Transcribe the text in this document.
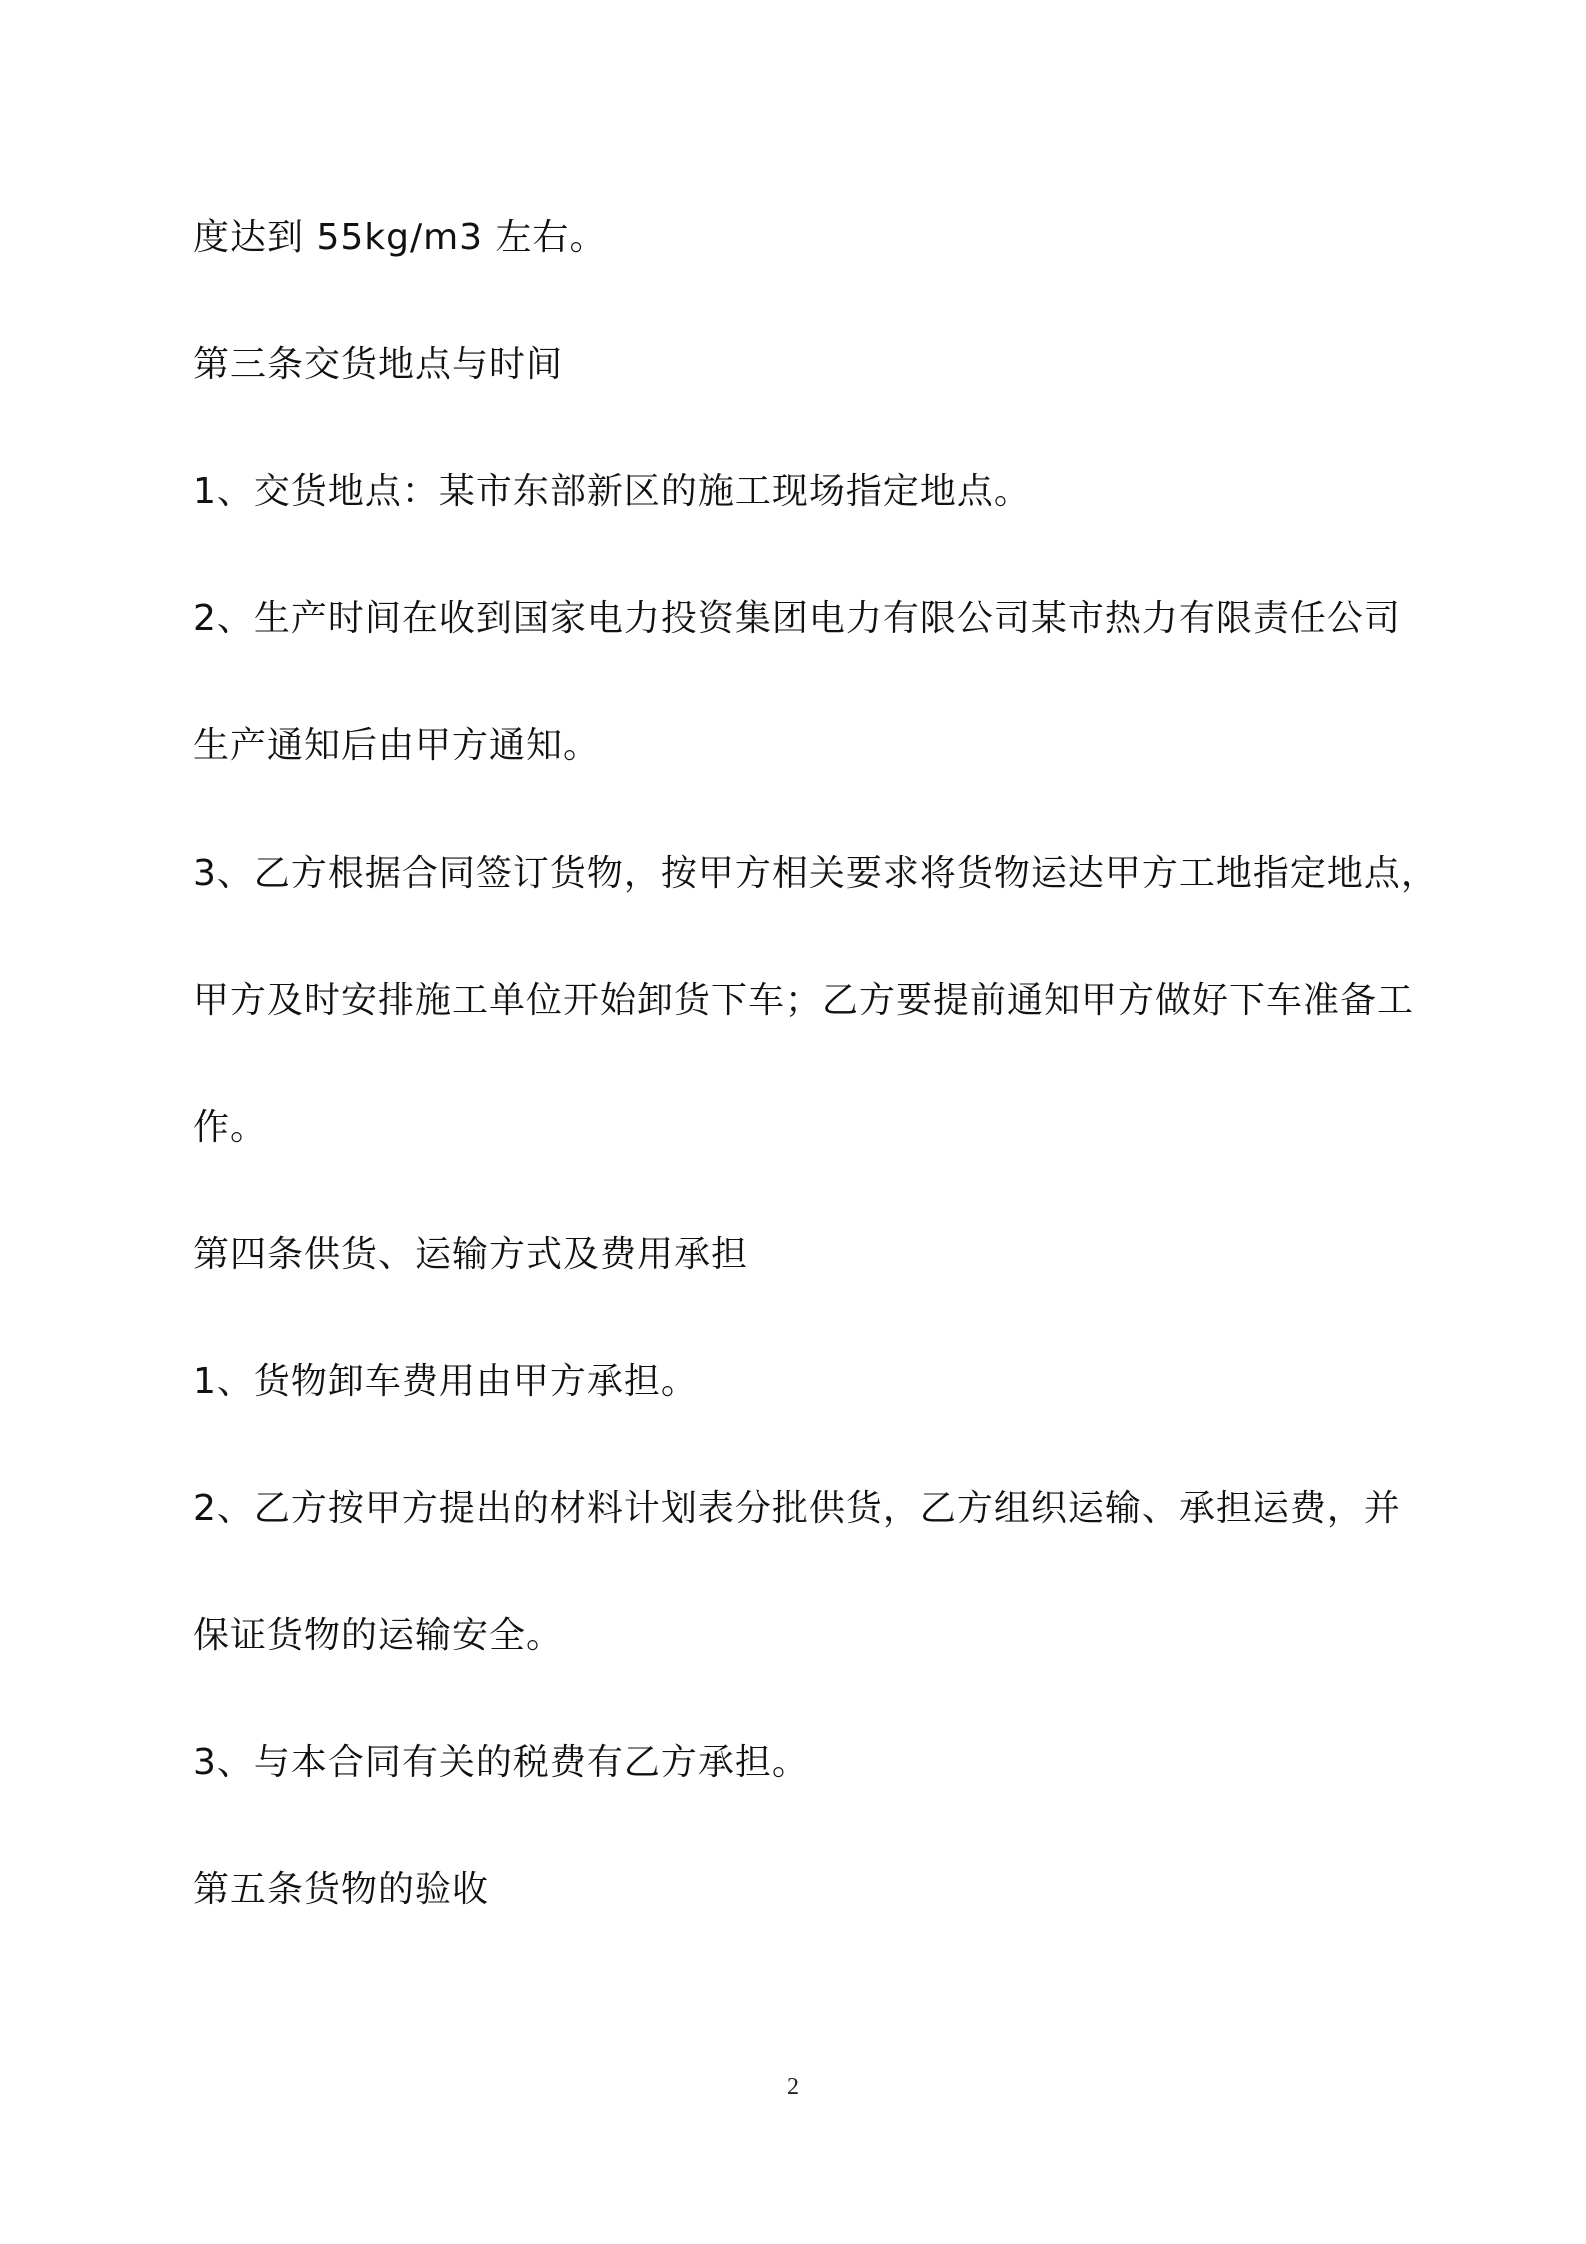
度达到 55kg/m3 左右。
第三条交货地点与时间
1、交货地点：某市东部新区的施工现场指定地点。
2、生产时间在收到国家电力投资集团电力有限公司某市热力有限责任公司
生产通知后由甲方通知。
3、乙方根据合同签订货物，按甲方相关要求将货物运达甲方工地指定地点，
甲方及时安排施工单位开始卸货下车；乙方要提前通知甲方做好下车准备工
作。
第四条供货、运输方式及费用承担
1、货物卸车费用由甲方承担。
2、乙方按甲方提出的材料计划表分批供货，乙方组织运输、承担运费，并
保证货物的运输安全。
3、与本合同有关的税费有乙方承担。
第五条货物的验收
2
